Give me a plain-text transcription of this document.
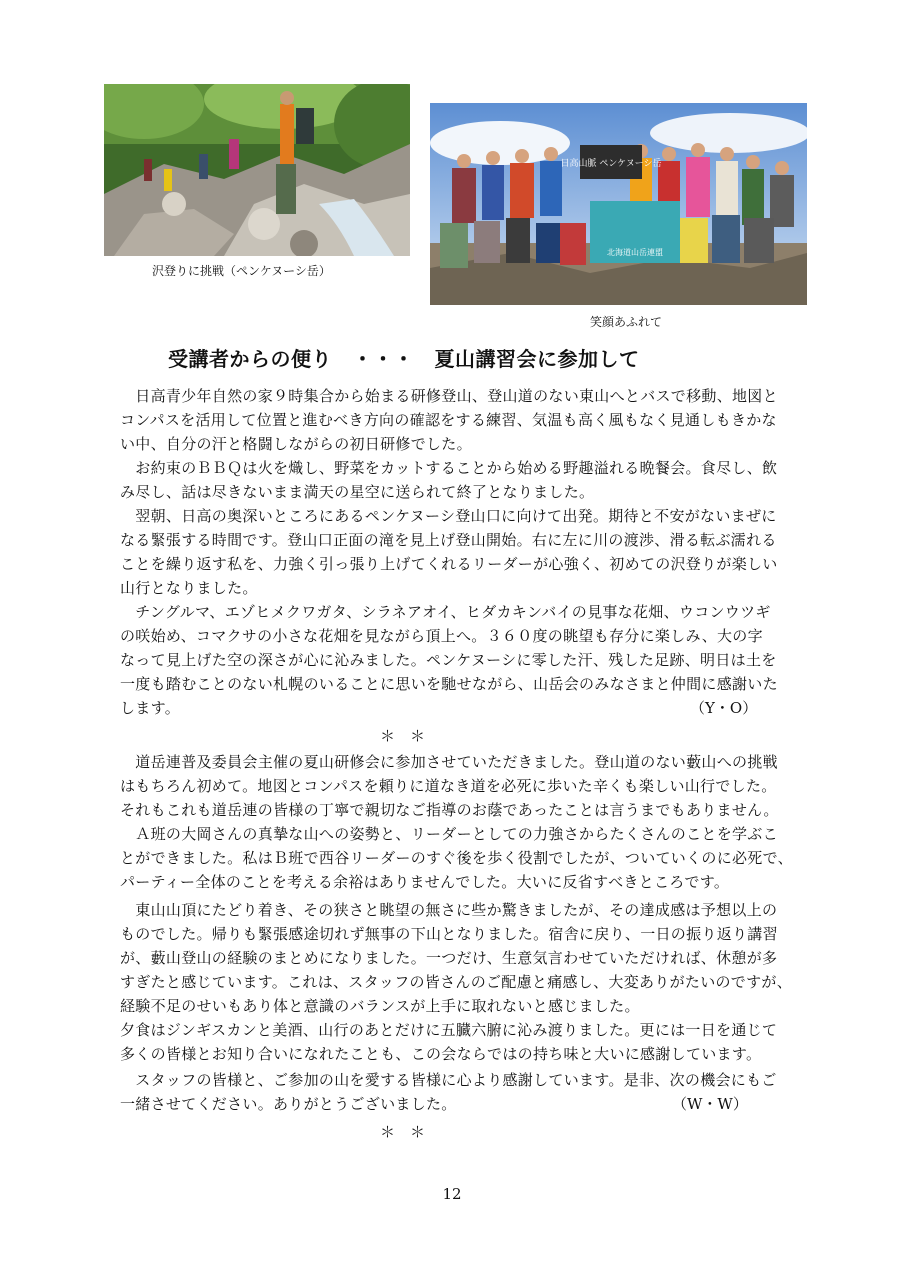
沢登りに挑戦（ペンケヌーシ岳）
日高山脈 ペンケヌーシ岳
北海道山岳連盟
笑顔あふれて
受講者からの便り　・・・　夏山講習会に参加して
　日高青少年自然の家９時集合から始まる研修登山、登山道のない東山へとバスで移動、地図と
コンパスを活用して位置と進むべき方向の確認をする練習、気温も高く風もなく見通しもきかな
い中、自分の汗と格闘しながらの初日研修でした。
　お約束のＢＢＱは火を熾し、野菜をカットすることから始める野趣溢れる晩餐会。食尽し、飲
み尽し、話は尽きないまま満天の星空に送られて終了となりました。
　翌朝、日高の奥深いところにあるペンケヌーシ登山口に向けて出発。期待と不安がないまぜに
なる緊張する時間です。登山口正面の滝を見上げ登山開始。右に左に川の渡渉、滑る転ぶ濡れる
ことを繰り返す私を、力強く引っ張り上げてくれるリーダーが心強く、初めての沢登りが楽しい
山行となりました。
　チングルマ、エゾヒメクワガタ、シラネアオイ、ヒダカキンバイの見事な花畑、ウコンウツギ
の咲始め、コマクサの小さな花畑を見ながら頂上へ。３６０度の眺望も存分に楽しみ、大の字
なって見上げた空の深さが心に沁みました。ペンケヌーシに零した汗、残した足跡、明日は土を
一度も踏むことのない札幌のいることに思いを馳せながら、山岳会のみなさまと仲間に感謝いた
します。	（Y・O）
＊　＊
　道岳連普及委員会主催の夏山研修会に参加させていただきました。登山道のない藪山への挑戦
はもちろん初めて。地図とコンパスを頼りに道なき道を必死に歩いた辛くも楽しい山行でした。
それもこれも道岳連の皆様の丁寧で親切なご指導のお蔭であったことは言うまでもありません。
　Ａ班の大岡さんの真摯な山への姿勢と、リーダーとしての力強さからたくさんのことを学ぶこ
とができました。私はＢ班で西谷リーダーのすぐ後を歩く役割でしたが、ついていくのに必死で、
パーティー全体のことを考える余裕はありませんでした。大いに反省すべきところです。
　東山山頂にたどり着き、その狭さと眺望の無さに些か驚きましたが、その達成感は予想以上の
ものでした。帰りも緊張感途切れず無事の下山となりました。宿舎に戻り、一日の振り返り講習
が、藪山登山の経験のまとめになりました。一つだけ、生意気言わせていただければ、休憩が多
すぎたと感じています。これは、スタッフの皆さんのご配慮と痛感し、大変ありがたいのですが、
経験不足のせいもあり体と意識のバランスが上手に取れないと感じました。
夕食はジンギスカンと美酒、山行のあとだけに五臓六腑に沁み渡りました。更には一日を通じて
多くの皆様とお知り合いになれたことも、この会ならではの持ち味と大いに感謝しています。
　スタッフの皆様と、ご参加の山を愛する皆様に心より感謝しています。是非、次の機会にもご
一緒させてください。ありがとうございました。	（W・W）
＊　＊
12
